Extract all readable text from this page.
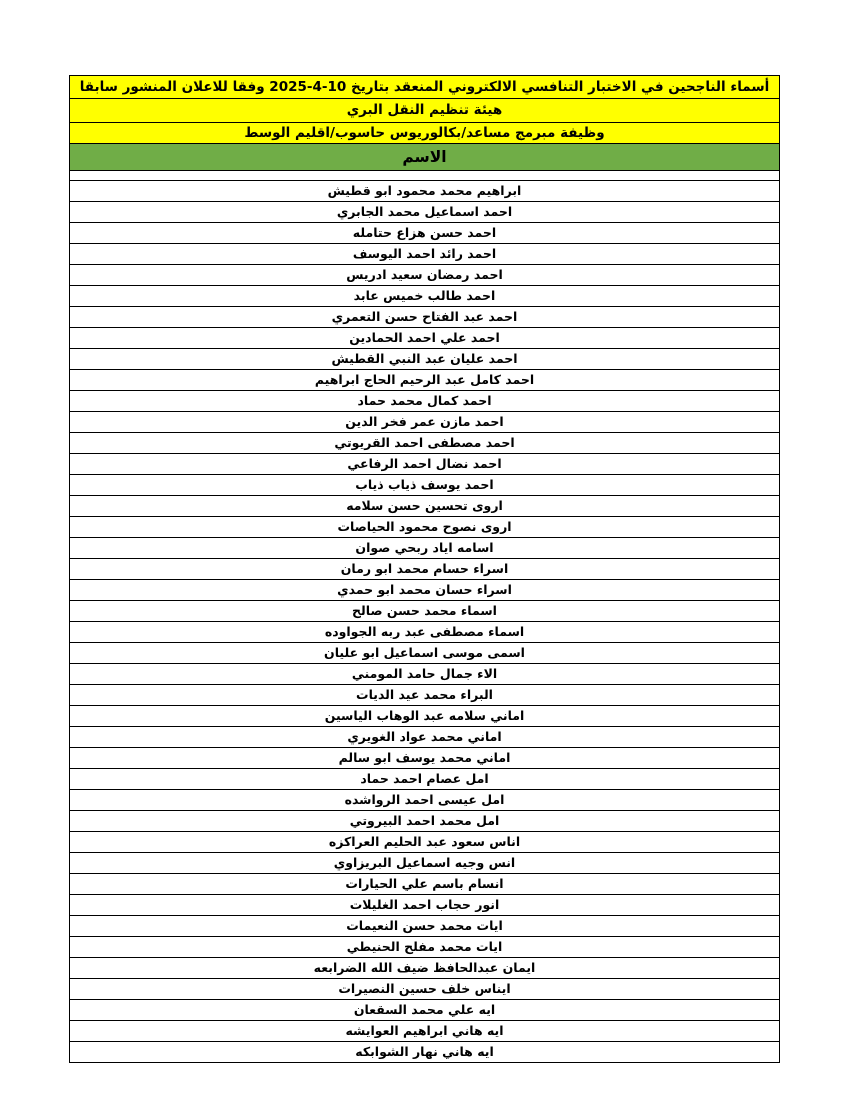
أسماء الناجحين في الاختبار التنافسي الالكتروني المنعقد بتاريخ 10-4-2025 وفقا للاعلان المنشور سابقا
هيئة تنظيم النقل البري
وظيفة مبرمج مساعد/بكالوريوس حاسوب/اقليم الوسط
الاسم

ابراهيم محمد محمود ابو قطيش
احمد اسماعيل محمد الجابري
احمد حسن هزاع حتامله
احمد رائد احمد اليوسف
احمد رمضان سعيد ادريس
احمد طالب خميس عابد
احمد عبد الفتاح حسن التعمري
احمد علي احمد الحمادين
احمد عليان عبد النبي القطيش
احمد كامل عبد الرحيم الحاج ابراهيم
احمد كمال محمد حماد
احمد مازن عمر فخر الدين
احمد مصطفى احمد القريوتي
احمد نضال احمد الرفاعي
احمد يوسف ذياب ذياب
اروى تحسين حسن سلامه
اروى نصوح محمود الحياصات
اسامه اياد ربحي صوان
اسراء حسام محمد ابو رمان
اسراء حسان محمد ابو حمدي
اسماء محمد حسن صالح
اسماء مصطفى عبد ربه الجواوده
اسمى موسى اسماعيل ابو عليان
الاء جمال حامد المومني
البراء محمد عيد الديات
اماني سلامه عبد الوهاب الياسين
اماني محمد عواد الغويري
اماني محمد يوسف ابو سالم
امل عصام احمد حماد
امل عيسى احمد الرواشده
امل محمد احمد البيروتي
اناس سعود عبد الحليم العراكزه
انس وجيه اسماعيل البريزاوي
انسام باسم علي الحيارات
انور حجاب احمد الغليلات
ايات محمد حسن النعيمات
ايات محمد مفلح الحنيطي
ايمان عبدالحافظ ضيف الله الضرابعه
ايناس خلف حسين النصيرات
ايه علي محمد السقعان
ايه هاني ابراهيم العوايشه
ايه هاني نهار الشوابكه
